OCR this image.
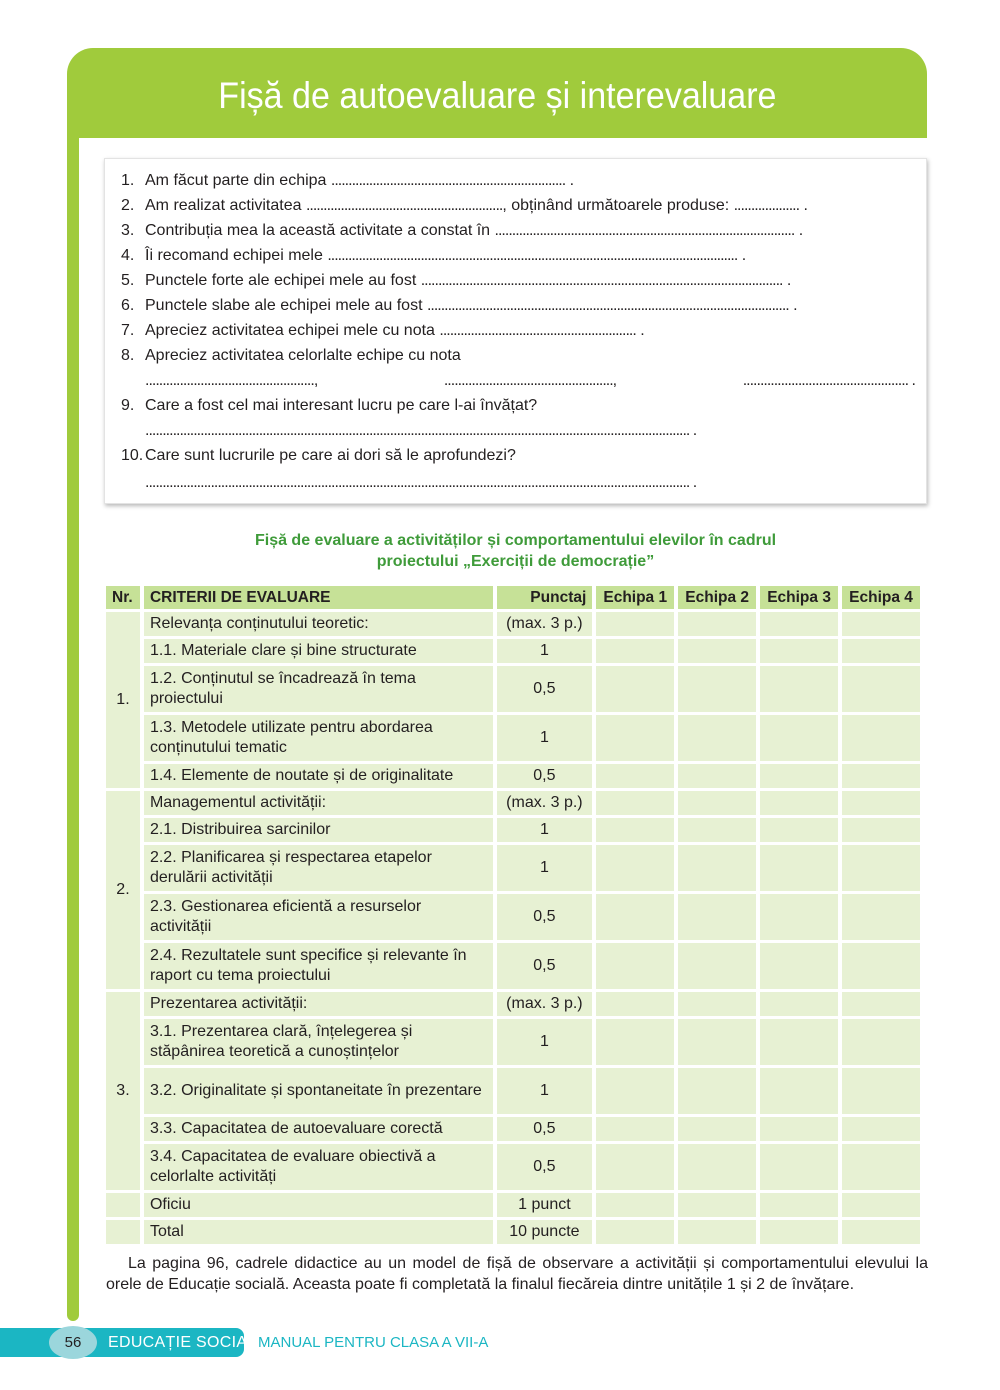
Fișă de autoevaluare și interevaluare
1. Am făcut parte din echipa .................................................................... .
2. Am realizat activitatea ........................................................., obținând următoarele produse: ................... .
3. Contribuția mea la această activitate a constat în ....................................................................................... .
4. Îi recomand echipei mele ....................................................................................................................... .
5. Punctele forte ale echipei mele au fost ......................................................................................................... .
6. Punctele slabe ale echipei mele au fost ......................................................................................................... .
7. Apreciez activitatea echipei mele cu nota ......................................................... .
8. Apreciez activitatea celorlalte echipe cu nota
.................................................,	.................................................,	................................................ .
9. Care a fost cel mai interesant lucru pe care l-ai învățat?
.............................................................................................................................................................. .
10. Care sunt lucrurile pe care ai dori să le aprofundezi?
.............................................................................................................................................................. .
Fișă de evaluare a activităților și comportamentului elevilor în cadrul
proiectului „Exerciții de democrație”
Nr.	CRITERII DE EVALUARE	Punctaj	Echipa 1	Echipa 2	Echipa 3	Echipa 4
1.	Relevanța conținutului teoretic:	(max. 3 p.)				
	1.1. Materiale clare și bine structurate	1				
	1.2. Conținutul se încadrează în tema proiectului	0,5				
	1.3. Metodele utilizate pentru abordarea conținutului tematic	1				
	1.4. Elemente de noutate și de originalitate	0,5				
2.	Managementul activității:	(max. 3 p.)				
	2.1. Distribuirea sarcinilor	1				
	2.2. Planificarea și respectarea etapelor derulării activității	1				
	2.3. Gestionarea eficientă a resurselor activității	0,5				
	2.4. Rezultatele sunt specifice și relevante în raport cu tema proiectului	0,5				
3.	Prezentarea activității:	(max. 3 p.)				
	3.1. Prezentarea clară, înțelegerea și stăpânirea teoretică a cunoștințelor	1				
	3.2. Originalitate și spontaneitate în prezentare	1				
	3.3. Capacitatea de autoevaluare corectă	0,5				
	3.4. Capacitatea de evaluare obiectivă a celorlalte activități	0,5				
	Oficiu	1 punct				
	Total	10 puncte				

La pagina 96, cadrele didactice au un model de fișă de observare a activității și comportamentului elevului la orele de Educație socială. Aceasta poate fi completată la finalul fiecăreia dintre unitățile 1 și 2 de învățare.

56	EDUCAȚIE SOCIALĂ
MANUAL PENTRU CLASA A VII-A
